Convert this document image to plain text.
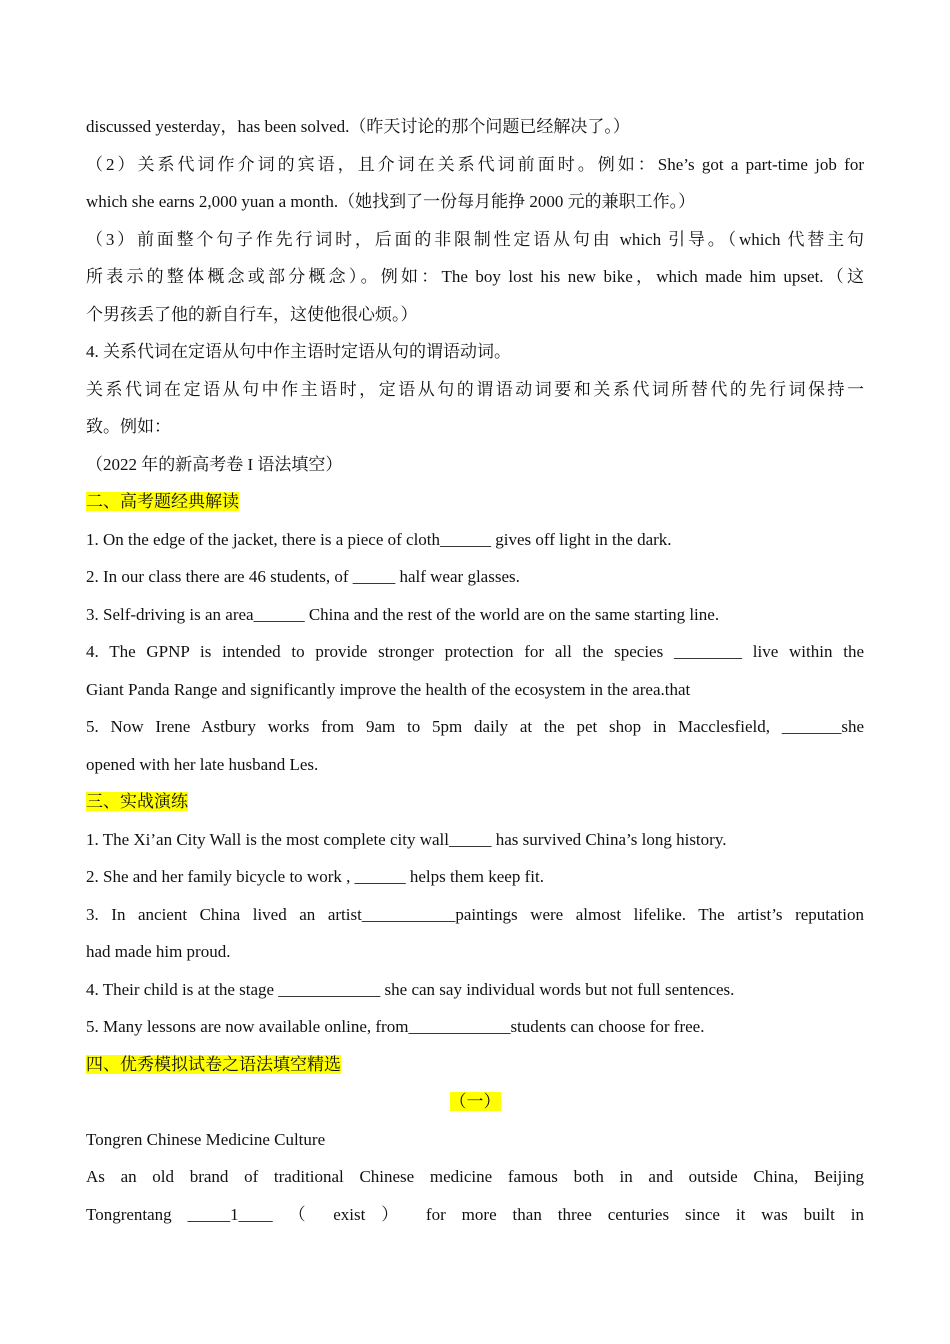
discussed yesterday，has been solved.（昨天讨论的那个问题已经解决了。）
（2）关系代词作介词的宾语，且介词在关系代词前面时。例如：She’s got a part-time job for
which she earns 2,000 yuan a month.（她找到了一份每月能挣 2000 元的兼职工作。）
（3）前面整个句子作先行词时，后面的非限制性定语从句由 which 引导。（which 代替主句
所表示的整体概念或部分概念）。例如：The boy lost his new bike，which made him upset.（这
个男孩丢了他的新自行车，这使他很心烦。）
4. 关系代词在定语从句中作主语时定语从句的谓语动词。
关系代词在定语从句中作主语时，定语从句的谓语动词要和关系代词所替代的先行词保持一
致。例如：
（2022 年的新高考卷 I 语法填空）
二、高考题经典解读
1. On the edge of the jacket, there is a piece of cloth______ gives off light in the dark.
2. In our class there are 46 students, of _____ half wear glasses.
3. Self-driving is an area______ China and the rest of the world are on the same starting line.
4. The GPNP is intended to provide stronger protection for all the species ________ live within the
Giant Panda Range and significantly improve the health of the ecosystem in the area.that
5. Now Irene Astbury works from 9am to 5pm daily at the pet shop in Macclesfield, _______she
opened with her late husband Les.
三、实战演练
1. The Xi’an City Wall is the most complete city wall_____ has survived China’s long history.
2. She and her family bicycle to work , ______ helps them keep fit.
3. In ancient China lived an artist___________paintings were almost lifelike. The artist’s reputation
had made him proud.
4. Their child is at the stage ____________ she can say individual words but not full sentences.
5. Many lessons are now available online, from____________students can choose for free.
四、优秀模拟试卷之语法填空精选
（一）
Tongren Chinese Medicine Culture
As an old brand of traditional Chinese medicine famous both in and outside China, Beijing
Tongrentang _____1____ （ exist ） for more than three centuries since it was built in
